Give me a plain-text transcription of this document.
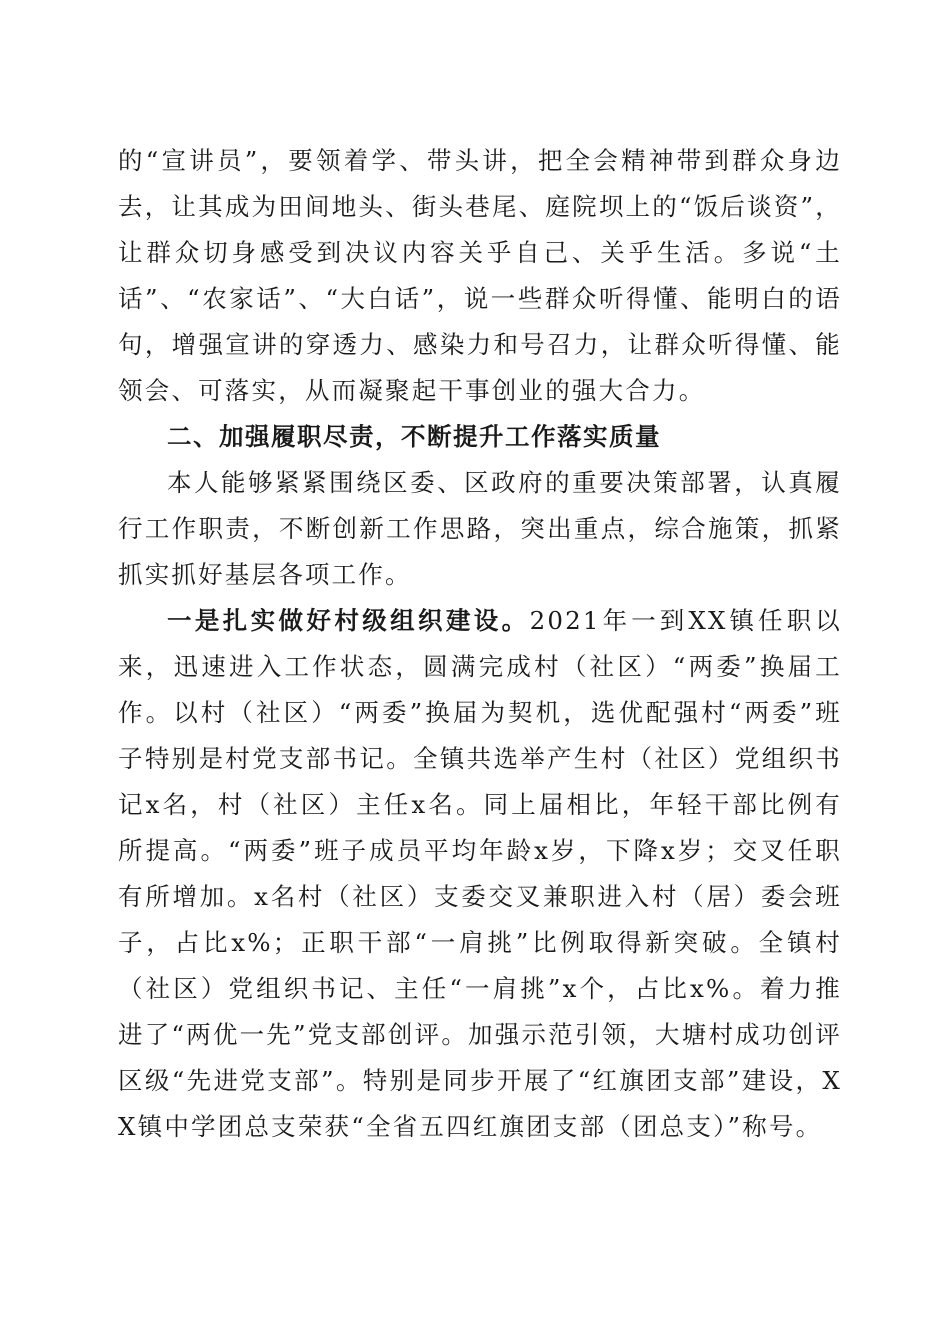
的“宣讲员”，要领着学、带头讲，把全会精神带到群众身边去，让其成为田间地头、街头巷尾、庭院坝上的“饭后谈资”，让群众切身感受到决议内容关乎自己、关乎生活。多说“土话”、“农家话”、“大白话”，说一些群众听得懂、能明白的语句，增强宣讲的穿透力、感染力和号召力，让群众听得懂、能领会、可落实，从而凝聚起干事创业的强大合力。

二、加强履职尽责，不断提升工作落实质量

本人能够紧紧围绕区委、区政府的重要决策部署，认真履行工作职责，不断创新工作思路，突出重点，综合施策，抓紧抓实抓好基层各项工作。

一是扎实做好村级组织建设。2021年一到XX镇任职以来，迅速进入工作状态，圆满完成村（社区）“两委”换届工作。以村（社区）“两委”换届为契机，选优配强村“两委”班子特别是村党支部书记。全镇共选举产生村（社区）党组织书记x名，村（社区）主任x名。同上届相比，年轻干部比例有所提高。“两委”班子成员平均年龄x岁，下降x岁；交叉任职有所增加。x名村（社区）支委交叉兼职进入村（居）委会班子，占比x%；正职干部“一肩挑”比例取得新突破。全镇村（社区）党组织书记、主任“一肩挑”x个，占比x%。着力推进了“两优一先”党支部创评。加强示范引领，大塘村成功创评区级“先进党支部”。特别是同步开展了“红旗团支部”建设，XX镇中学团总支荣获“全省五四红旗团支部（团总支）”称号。
